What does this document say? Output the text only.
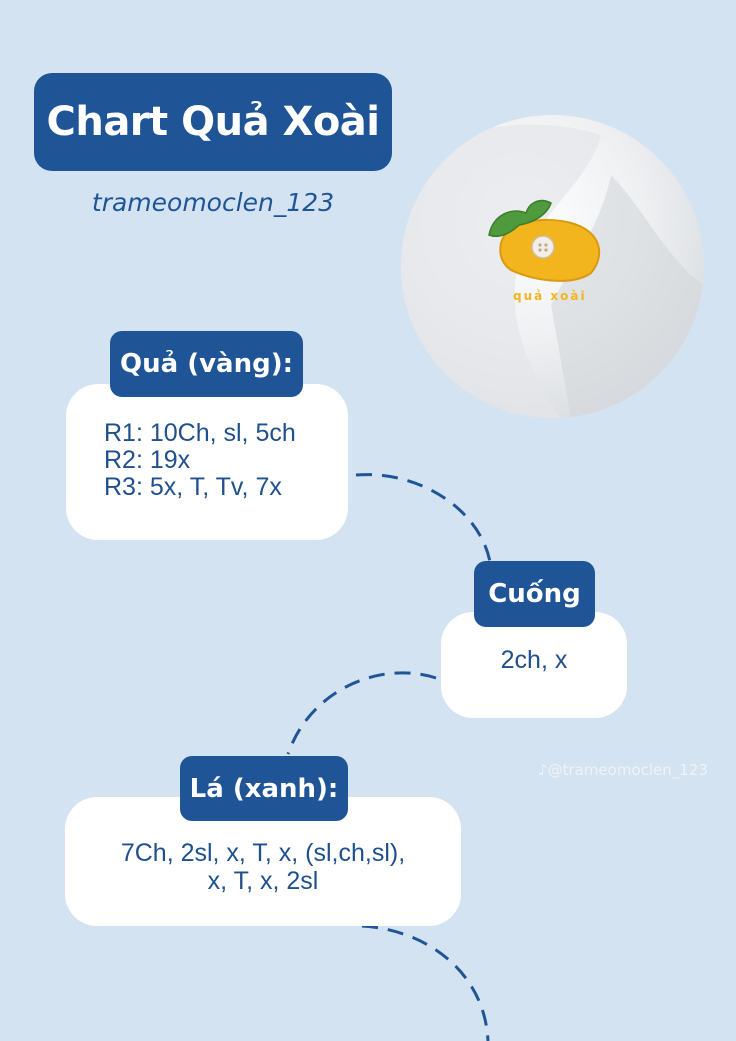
Chart Quả Xoài
trameomoclen_123
quả xoài
R1: 10Ch, sl, 5ch
R2: 19x
R3: 5x, T, Tv, 7x
Quả (vàng):
2ch, x
Cuống
7Ch, 2sl, x, T, x, (sl,ch,sl),
x, T, x, 2sl
Lá (xanh):
♪@trameomoclen_123
